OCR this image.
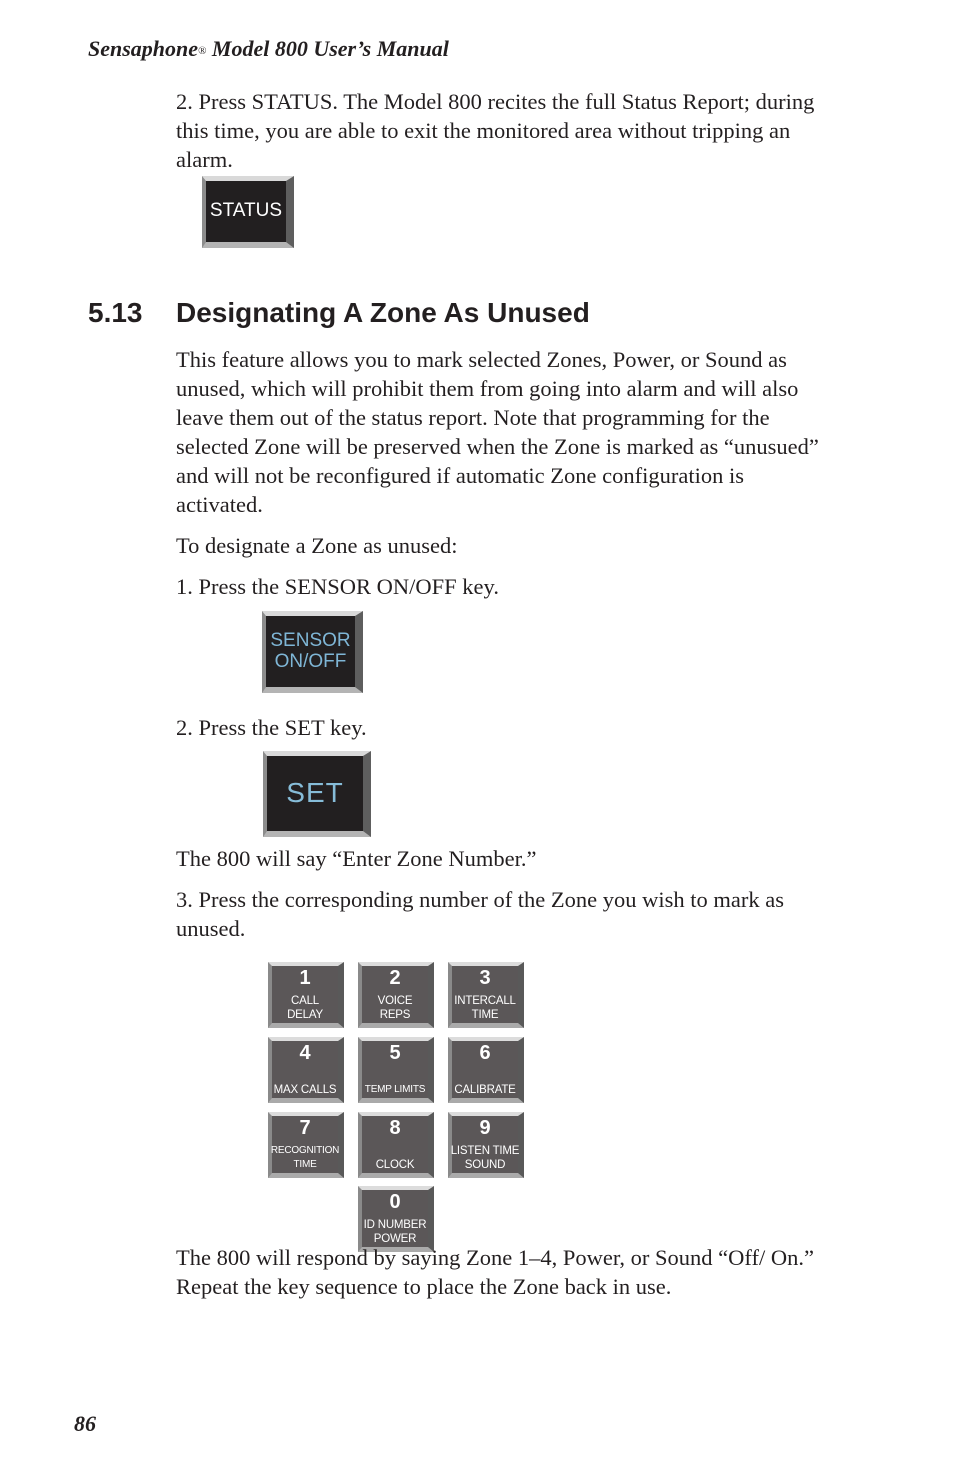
Sensaphone® Model 800 User’s Manual

2. Press STATUS. The Model 800 recites the full Status Report; during this time, you are able to exit the monitored area without tripping an alarm.

STATUS
5.13 Designating A Zone As Unused

This feature allows you to mark selected Zones, Power, or Sound as unused, which will prohibit them from going into alarm and will also leave them out of the status report. Note that programming for the selected Zone will be preserved when the Zone is marked as “unusued” and will not be reconfigured if automatic Zone configuration is activated.

To designate a Zone as unused:

1. Press the SENSOR ON/OFF key.

SENSOR
ON/OFF

2. Press the SET key.

SET

The 800 will say “Enter Zone Number.”

3. Press the corresponding number of the Zone you wish to mark as unused.

1
CALL
DELAY
2
VOICE
REPS
3
INTERCALL
TIME
4
MAX CALLS
5
TEMP LIMITS
6
CALIBRATE
7
RECOGNITION
TIME
8
CLOCK
9
LISTEN TIME
SOUND
0
ID NUMBER
POWER

The 800 will respond by saying Zone 1–4, Power, or Sound “Off/ On.” Repeat the key sequence to place the Zone back in use.

86
